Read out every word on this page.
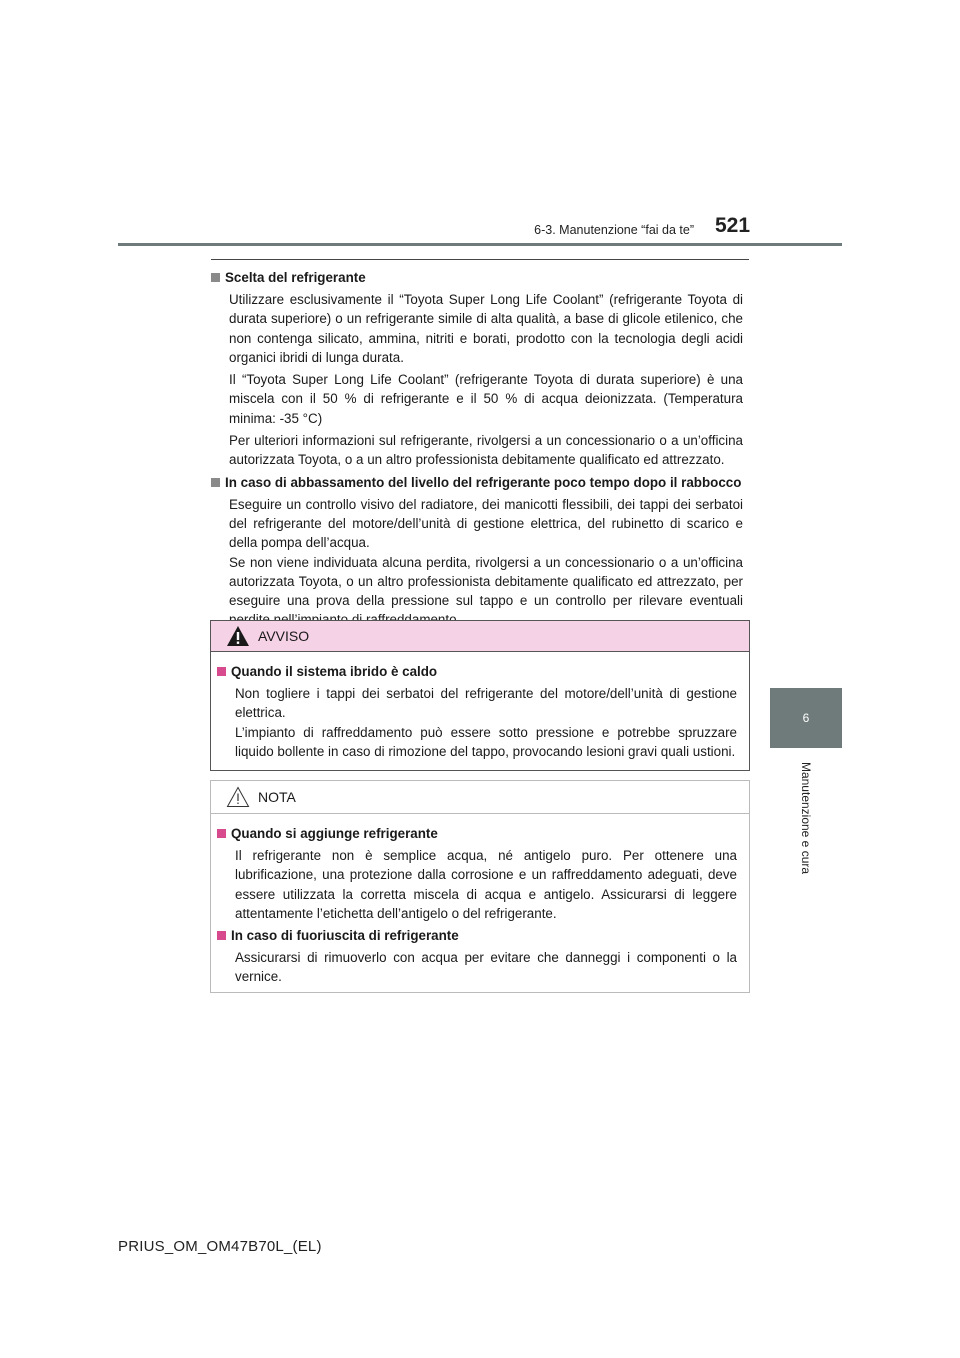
6-3. Manutenzione “fai da te” 521
6
Manutenzione e cura
Scelta del refrigerante
Utilizzare esclusivamente il “Toyota Super Long Life Coolant” (refrigerante Toyota di durata superiore) o un refrigerante simile di alta qualità, a base di glicole etilenico, che non contenga silicato, ammina, nitriti e borati, prodotto con la tecnologia degli acidi organici ibridi di lunga durata.
Il “Toyota Super Long Life Coolant” (refrigerante Toyota di durata superiore) è una miscela con il 50 % di refrigerante e il 50 % di acqua deionizzata. (Temperatura minima: -35 °C)
Per ulteriori informazioni sul refrigerante, rivolgersi a un concessionario o a un’officina autorizzata Toyota, o a un altro professionista debitamente qualificato ed attrezzato.
In caso di abbassamento del livello del refrigerante poco tempo dopo il rabbocco
Eseguire un controllo visivo del radiatore, dei manicotti flessibili, dei tappi dei serbatoi del refrigerante del motore/dell’unità di gestione elettrica, del rubinetto di scarico e della pompa dell’acqua.
Se non viene individuata alcuna perdita, rivolgersi a un concessionario o a un’officina autorizzata Toyota, o un altro professionista debitamente qualificato ed attrezzato, per eseguire una prova della pressione sul tappo e un controllo per rilevare eventuali
AVVISO
Quando il sistema ibrido è caldo
Non togliere i tappi dei serbatoi del refrigerante del motore/dell’unità di gestione elettrica.
L’impianto di raffreddamento può essere sotto pressione e potrebbe spruzzare liquido bollente in caso di rimozione del tappo, provocando lesioni gravi quali ustioni.
NOTA
Quando si aggiunge refrigerante
Il refrigerante non è semplice acqua, né antigelo puro. Per ottenere una lubrificazione, una protezione dalla corrosione e un raffreddamento adeguati, deve essere utilizzata la corretta miscela di acqua e antigelo. Assicurarsi di leggere attentamente l’etichetta dell’antigelo o del refrigerante.
In caso di fuoriuscita di refrigerante
Assicurarsi di rimuoverlo con acqua per evitare che danneggi i componenti o la vernice.
PRIUS_OM_OM47B70L_(EL)
